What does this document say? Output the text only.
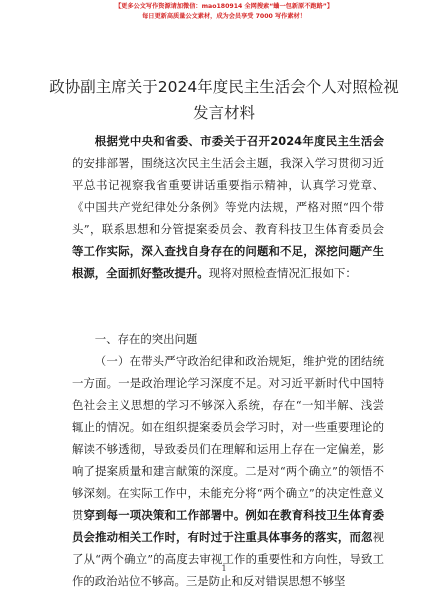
【更多公文写作资源请加微信：mao180914 全网搜索“蛐一包新原不跑路”】
每日更新高质量公文素材，成为会员享受 7000 写作素材！
政协副主席关于2024年度民主生活会个人对照检视发言材料

根据党中央和省委、市委关于召开2024年度民主生活会的安排部署，围绕这次民主生活会主题，我深入学习贯彻习近平总书记视察我省重要讲话重要指示精神，认真学习党章、《中国共产党纪律处分条例》等党内法规，严格对照“四个带头”，联系思想和分管提案委员会、教育科技卫生体育委员会等工作实际，深入查找自身存在的问题和不足，深挖问题产生根源，全面抓好整改提升。现将对照检查情况汇报如下：

一、存在的突出问题

（一）在带头严守政治纪律和政治规矩，维护党的团结统一方面。一是政治理论学习深度不足。对习近平新时代中国特色社会主义思想的学习不够深入系统，存在“一知半解、浅尝辄止的情况。如在组织提案委员会学习时，对一些重要理论的解读不够透彻，导致委员们在理解和运用上存在一定偏差，影响了提案质量和建言献策的深度。二是对“两个确立”的领悟不够深刻。在实际工作中，未能充分将“两个确立”的决定性意义贯穿到每一项决策和工作部署中。例如在教育科技卫生体育委员会推动相关工作时，有时过于注重具体事务的落实，而忽视了从“两个确立”的高度去审视工作的重要性和方向性，导致工作的政治站位不够高。三是防止和反对错误思想不够坚

1
